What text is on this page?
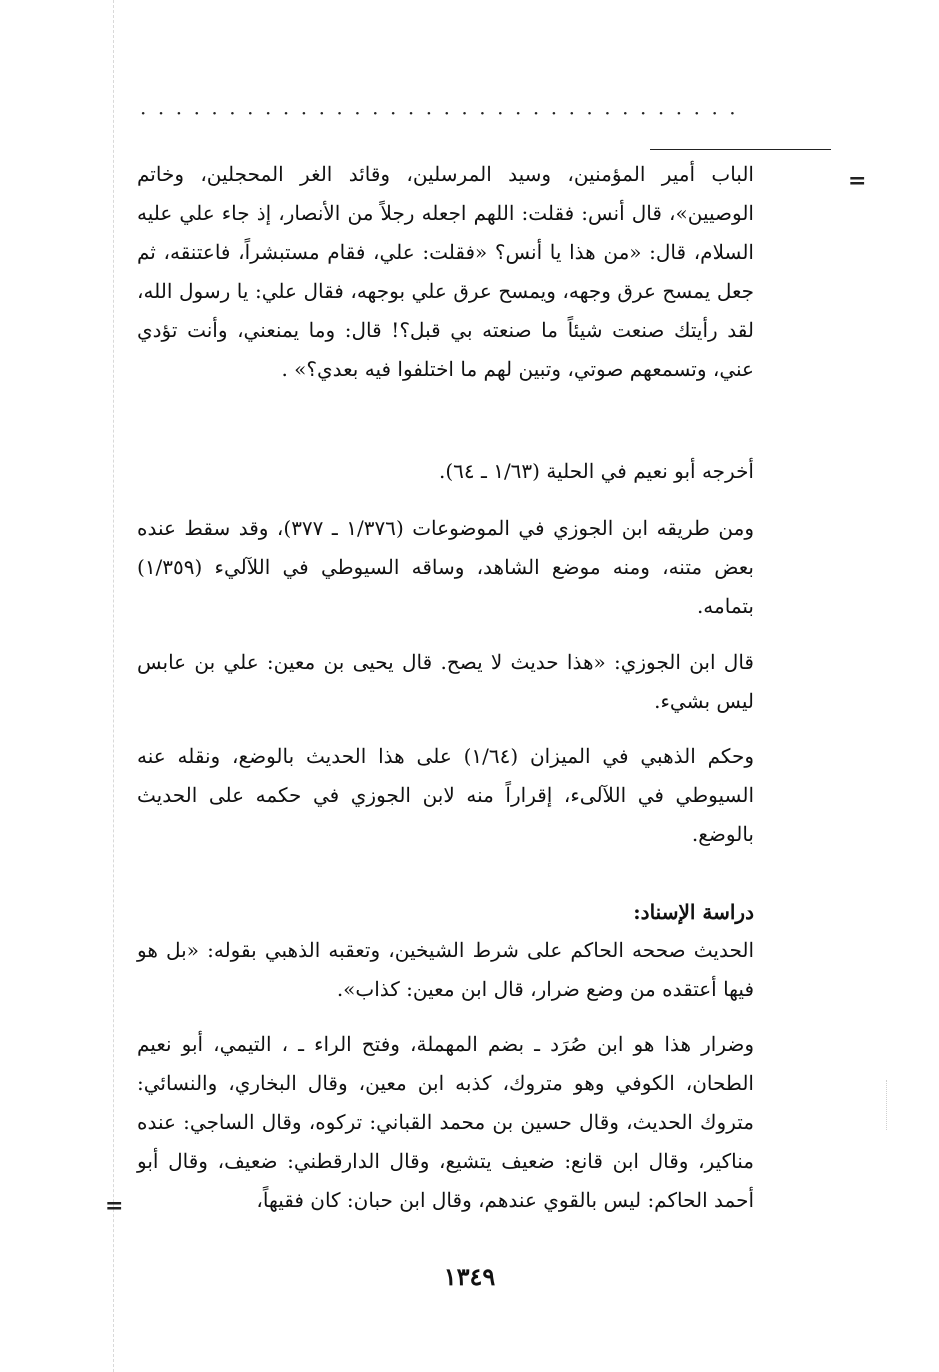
··································
=

الباب أمير المؤمنين، وسيد المرسلين، وقائد الغر المحجلين، وخاتم الوصيين»، قال أنس: فقلت: اللهم اجعله رجلاً من الأنصار، إذ جاء علي عليه السلام، قال: «من هذا يا أنس؟ «فقلت: علي، فقام مستبشراً، فاعتنقه، ثم جعل يمسح عرق وجهه، ويمسح عرق علي بوجهه، فقال علي: يا رسول الله، لقد رأيتك صنعت شيئاً ما صنعته بي قبل؟! قال: وما يمنعني، وأنت تؤدي عني، وتسمعهم صوتي، وتبين لهم ما اختلفوا فيه بعدي؟» .

أخرجه أبو نعيم في الحلية (١/٦٣ ـ ٦٤).

ومن طريقه ابن الجوزي في الموضوعات (١/٣٧٦ ـ ٣٧٧)، وقد سقط عنده بعض متنه، ومنه موضع الشاهد، وساقه السيوطي في اللآليء (١/٣٥٩) بتمامه.

قال ابن الجوزي: «هذا حديث لا يصح. قال يحيى بن معين: علي بن عابس ليس بشيء.

وحكم الذهبي في الميزان (١/٦٤) على هذا الحديث بالوضع، ونقله عنه السيوطي في اللآلىء، إقراراً منه لابن الجوزي في حكمه على الحديث بالوضع.

دراسة الإسناد:

الحديث صححه الحاكم على شرط الشيخين، وتعقبه الذهبي بقوله: «بل هو فيها أعتقده من وضع ضرار، قال ابن معين: كذاب».

وضرار هذا هو ابن صُرَد ـ بضم المهملة، وفتح الراء ـ ، التيمي، أبو نعيم الطحان، الكوفي وهو متروك، كذبه ابن معين، وقال البخاري، والنسائي: متروك الحديث، وقال حسين بن محمد القباني: تركوه، وقال الساجي: عنده مناكير، وقال ابن قانع: ضعيف يتشيع، وقال الدارقطني: ضعيف، وقال أبو أحمد الحاكم: ليس بالقوي عندهم، وقال ابن حبان: كان فقيهاً،

=
١٣٤٩
